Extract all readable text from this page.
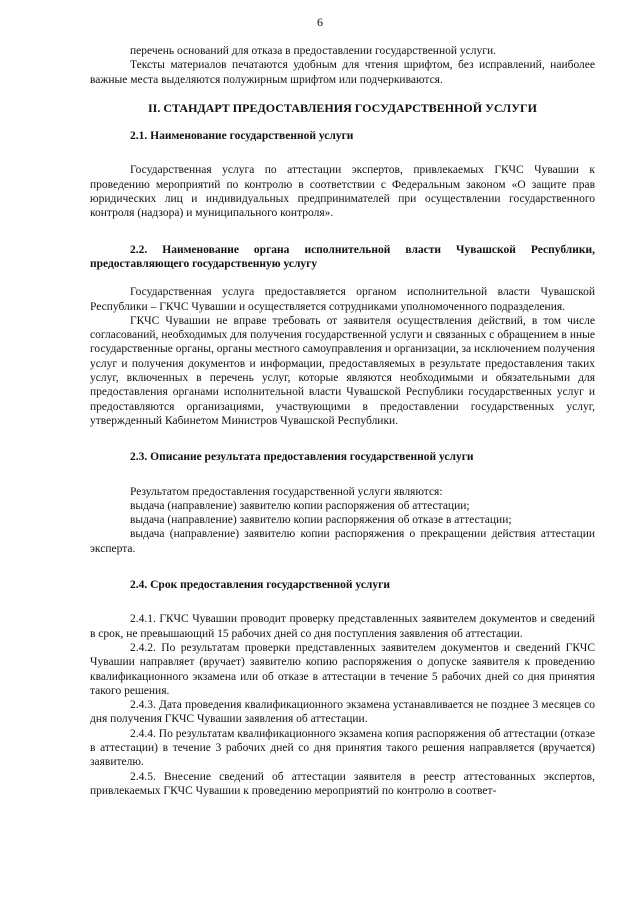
6

перечень оснований для отказа в предоставлении государственной услуги.

Тексты материалов печатаются удобным для чтения шрифтом, без исправлений, наиболее важные места выделяются полужирным шрифтом или подчеркиваются.

II. СТАНДАРТ ПРЕДОСТАВЛЕНИЯ ГОСУДАРСТВЕННОЙ УСЛУГИ

2.1. Наименование государственной услуги

Государственная услуга по аттестации экспертов, привлекаемых ГКЧС Чувашии к проведению мероприятий по контролю в соответствии с Федеральным законом «О защите прав юридических лиц и индивидуальных предпринимателей при осуществлении государственного контроля (надзора) и муниципального контроля».

2.2. Наименование органа исполнительной власти Чувашской Республики, предоставляющего государственную услугу

Государственная услуга предоставляется органом исполнительной власти Чувашской Республики – ГКЧС Чувашии и осуществляется сотрудниками уполномоченного подразделения.

ГКЧС Чувашии не вправе требовать от заявителя осуществления действий, в том числе согласований, необходимых для получения государственной услуги и связанных с обращением в иные государственные органы, органы местного самоуправления и организации, за исключением получения услуг и получения документов и информации, предоставляемых в результате предоставления таких услуг, включенных в перечень услуг, которые являются необходимыми и обязательными для предоставления органами исполнительной власти Чувашской Республики государственных услуг и предоставляются организациями, участвующими в предоставлении государственных услуг, утвержденный Кабинетом Министров Чувашской Республики.

2.3. Описание результата предоставления государственной услуги

Результатом предоставления государственной услуги являются:

выдача (направление) заявителю копии распоряжения об аттестации;

выдача (направление) заявителю копии распоряжения об отказе в аттестации;

выдача (направление) заявителю копии распоряжения о прекращении действия аттестации эксперта.

2.4. Срок предоставления государственной услуги

2.4.1. ГКЧС Чувашии проводит проверку представленных заявителем документов и сведений в срок, не превышающий 15 рабочих дней со дня поступления заявления об аттестации.

2.4.2. По результатам проверки представленных заявителем документов и сведений ГКЧС Чувашии направляет (вручает) заявителю копию распоряжения о допуске заявителя к проведению квалификационного экзамена или об отказе в аттестации в течение 5 рабочих дней со дня принятия такого решения.

2.4.3. Дата проведения квалификационного экзамена устанавливается не позднее 3 месяцев со дня получения ГКЧС Чувашии заявления об аттестации.

2.4.4. По результатам квалификационного экзамена копия распоряжения об аттестации (отказе в аттестации) в течение 3 рабочих дней со дня принятия такого решения направляется (вручается) заявителю.

2.4.5. Внесение сведений об аттестации заявителя в реестр аттестованных экспертов, привлекаемых ГКЧС Чувашии к проведению мероприятий по контролю в соответ-
